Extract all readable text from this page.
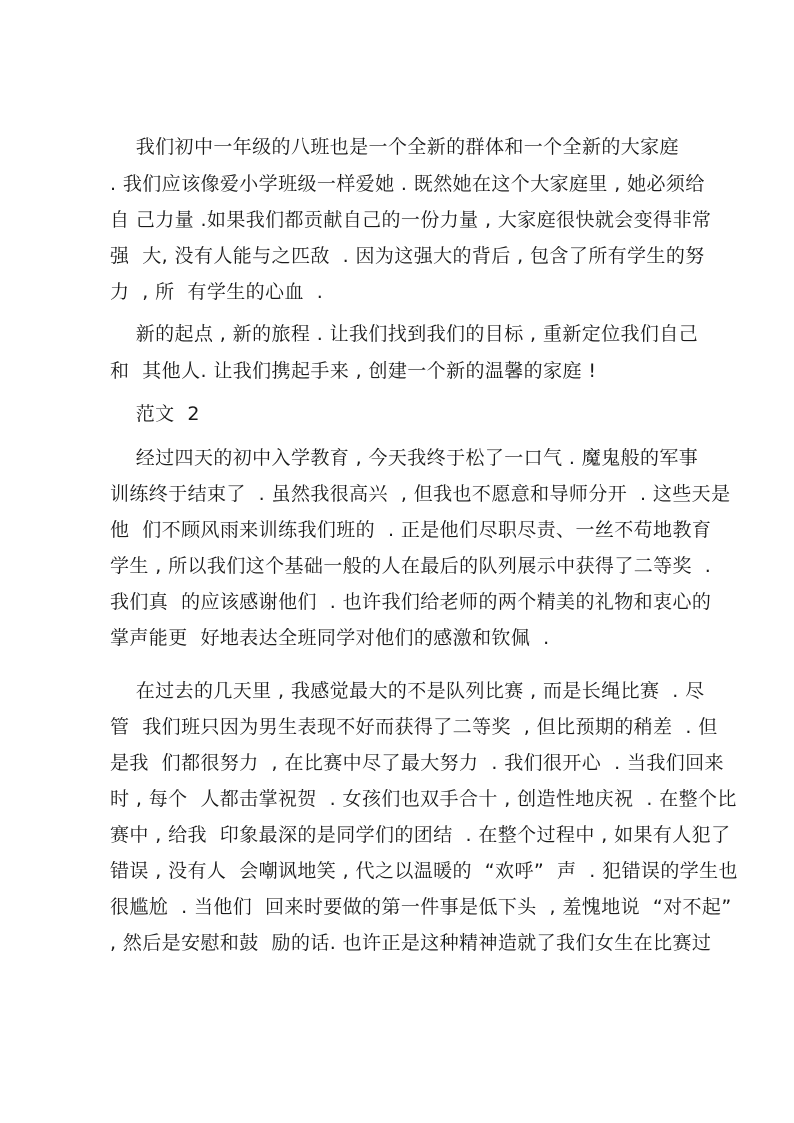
我们初中一年级的八班也是一个全新的群体和一个全新的大家庭
. 我们应该像爱小学班级一样爱她 . 既然她在这个大家庭里 , 她必须给
自 己力量 .如果我们都贡献自己的一份力量 , 大家庭很快就会变得非常
强  大, 没有人能与之匹敌  . 因为这强大的背后 , 包含了所有学生的努
力  , 所  有学生的心血  .
新的起点 , 新的旅程 . 让我们找到我们的目标 , 重新定位我们自己
和  其他人. 让我们携起手来 , 创建一个新的温馨的家庭 !
范文  2
经过四天的初中入学教育 , 今天我终于松了一口气 . 魔鬼般的军事
训练终于结束了  . 虽然我很高兴  , 但我也不愿意和导师分开  . 这些天是
他  们不顾风雨来训练我们班的  . 正是他们尽职尽责、一丝不苟地教育
学生 , 所以我们这个基础一般的人在最后的队列展示中获得了二等奖  .
我们真  的应该感谢他们  . 也许我们给老师的两个精美的礼物和衷心的
掌声能更  好地表达全班同学对他们的感激和钦佩  .
在过去的几天里 , 我感觉最大的不是队列比赛 , 而是长绳比赛  . 尽
管  我们班只因为男生表现不好而获得了二等奖  , 但比预期的稍差  . 但
是我  们都很努力  , 在比赛中尽了最大努力  . 我们很开心  . 当我们回来
时 , 每个  人都击掌祝贺  . 女孩们也双手合十 , 创造性地庆祝  . 在整个比
赛中 , 给我  印象最深的是同学们的团结  . 在整个过程中 , 如果有人犯了
错误 , 没有人  会嘲讽地笑 , 代之以温暖的  “欢呼”  声  . 犯错误的学生也
很尴尬  . 当他们  回来时要做的第一件事是低下头  , 羞愧地说  “对不起”
, 然后是安慰和鼓  励的话. 也许正是这种精神造就了我们女生在比赛过
